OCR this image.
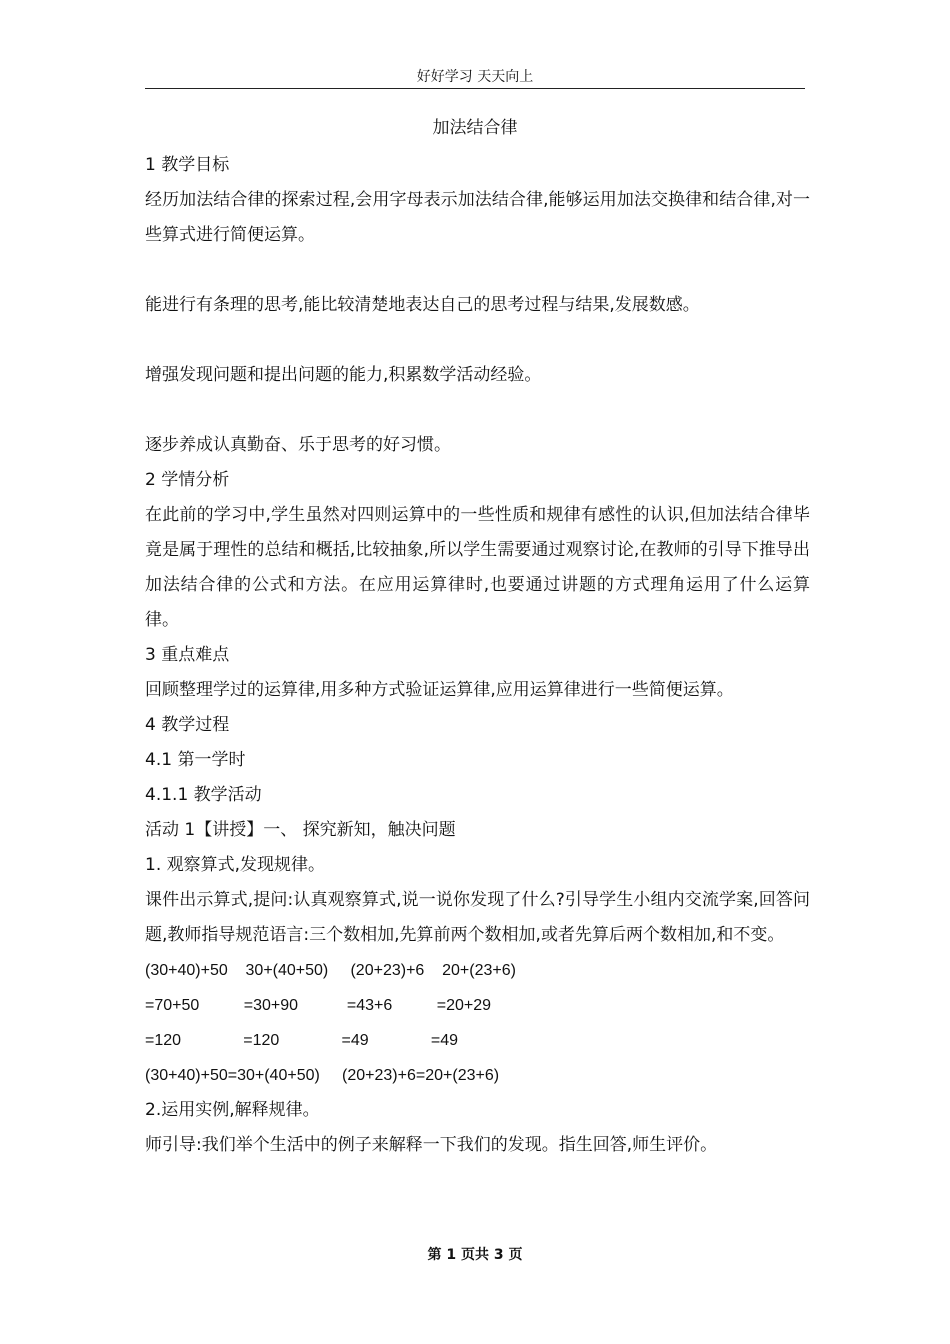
好好学习 天天向上
加法结合律

1 教学目标

经历加法结合律的探索过程,会用字母表示加法结合律,能够运用加法交换律和结合律,对一些算式进行简便运算。

能进行有条理的思考,能比较清楚地表达自己的思考过程与结果,发展数感。

增强发现问题和提出问题的能力,积累数学活动经验。

逐步养成认真勤奋、乐于思考的好习惯。

2 学情分析

在此前的学习中,学生虽然对四则运算中的一些性质和规律有感性的认识,但加法结合律毕竟是属于理性的总结和概括,比较抽象,所以学生需要通过观察讨论,在教师的引导下推导出加法结合律的公式和方法。在应用运算律时,也要通过讲题的方式理角运用了什么运算律。

3 重点难点

回顾整理学过的运算律,用多种方式验证运算律,应用运算律进行一些简便运算。

4 教学过程

4.1 第一学时

4.1.1 教学活动

活动 1【讲授】一、 探究新知，触决问题

1. 观察算式,发现规律。

课件出示算式,提问:认真观察算式,说一说你发现了什么?引导学生小组内交流学案,回答问题,教师指导规范语言:三个数相加,先算前两个数相加,或者先算后两个数相加,和不变。

(30+40)+50    30+(40+50)     (20+23)+6    20+(23+6)

=70+50          =30+90           =43+6          =20+29

=120              =120              =49              =49

(30+40)+50=30+(40+50)     (20+23)+6=20+(23+6)

2.运用实例,解释规律。

师引导:我们举个生活中的例子来解释一下我们的发现。指生回答,师生评价。

第 1 页共 3 页
